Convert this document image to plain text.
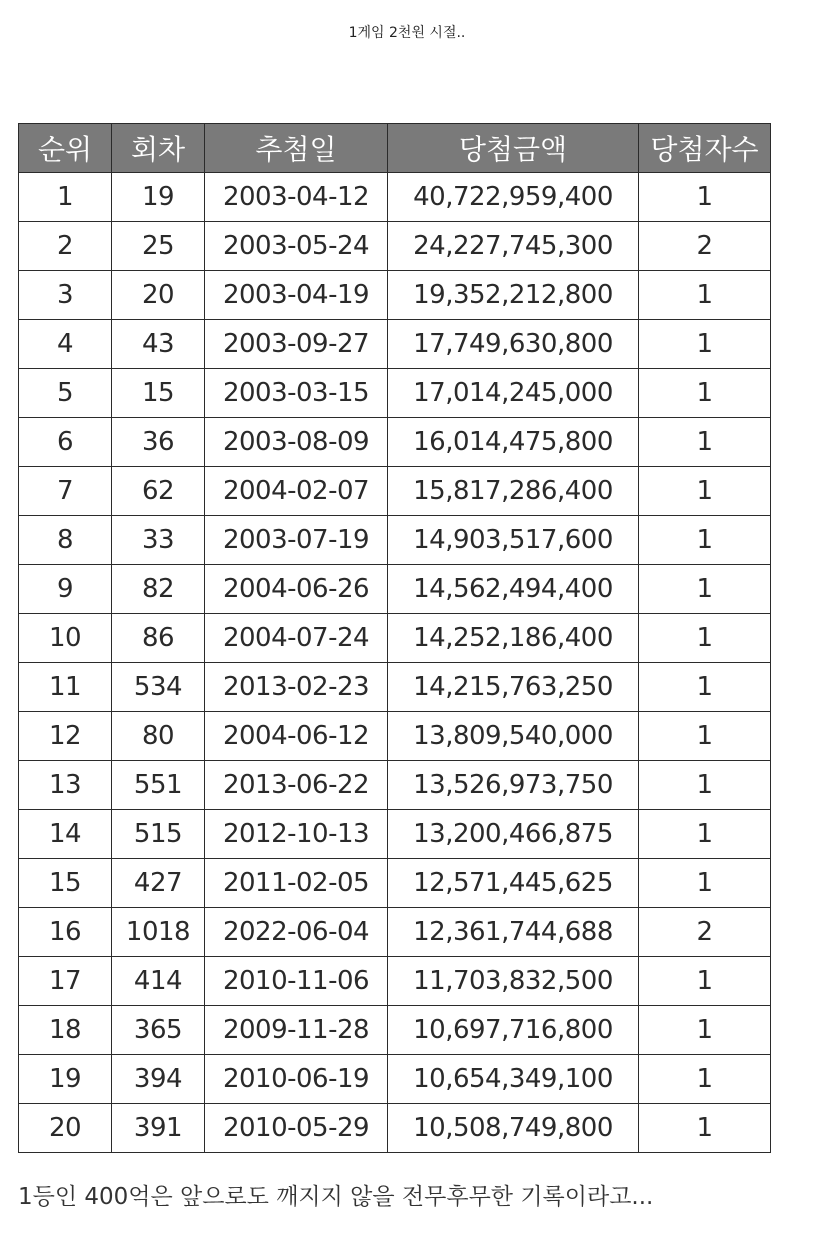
1게임 2천원 시절..
순위	회차	추첨일	당첨금액	당첨자수
1	19	2003-04-12	40,722,959,400	1
2	25	2003-05-24	24,227,745,300	2
3	20	2003-04-19	19,352,212,800	1
4	43	2003-09-27	17,749,630,800	1
5	15	2003-03-15	17,014,245,000	1
6	36	2003-08-09	16,014,475,800	1
7	62	2004-02-07	15,817,286,400	1
8	33	2003-07-19	14,903,517,600	1
9	82	2004-06-26	14,562,494,400	1
10	86	2004-07-24	14,252,186,400	1
11	534	2013-02-23	14,215,763,250	1
12	80	2004-06-12	13,809,540,000	1
13	551	2013-06-22	13,526,973,750	1
14	515	2012-10-13	13,200,466,875	1
15	427	2011-02-05	12,571,445,625	1
16	1018	2022-06-04	12,361,744,688	2
17	414	2010-11-06	11,703,832,500	1
18	365	2009-11-28	10,697,716,800	1
19	394	2010-06-19	10,654,349,100	1
20	391	2010-05-29	10,508,749,800	1
1등인 400억은 앞으로도 깨지지 않을 전무후무한 기록이라고...
